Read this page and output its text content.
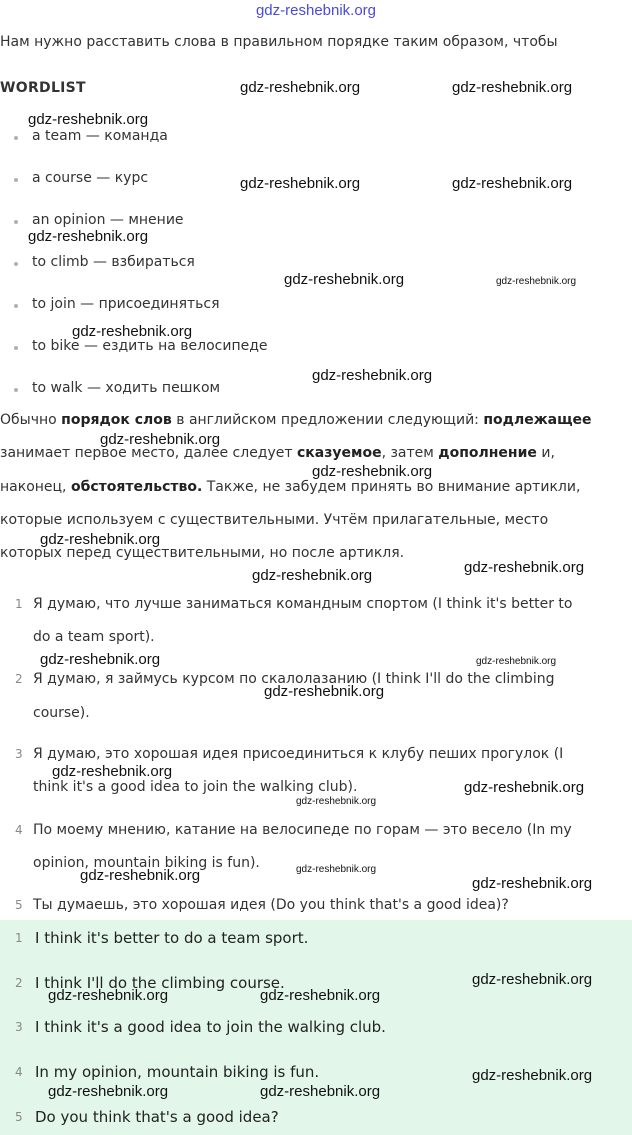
gdz-reshebnik.org
Нам нужно расставить слова в правильном порядке таким образом, чтобы
WORDLIST
a team — команда
a course — курс
an opinion — мнение
to climb — взбираться
to join — присоединяться
to bike — ездить на велосипеде
to walk — ходить пешком
Обычно порядок слов в английском предложении следующий: подлежащее
занимает первое место, далее следует сказуемое, затем дополнение и,
наконец, обстоятельство. Также, не забудем принять во внимание артикли,
которые используем с существительными. Учтём прилагательные, место
которых перед существительными, но после артикля.
1 Я думаю, что лучше заниматься командным спортом (I think it's better to
do a team sport).
2 Я думаю, я займусь курсом по скалолазанию (I think I'll do the climbing
course).
3 Я думаю, это хорошая идея присоединиться к клубу пеших прогулок (I
think it's a good idea to join the walking club).
4 По моему мнению, катание на велосипеде по горам — это весело (In my
opinion, mountain biking is fun).
5 Ты думаешь, это хорошая идея (Do you think that's a good idea)?
1 I think it's better to do a team sport.
2 I think I'll do the climbing course.
3 I think it's a good idea to join the walking club.
4 In my opinion, mountain biking is fun.
5 Do you think that's a good idea?
gdz-reshebnik.org	gdz-reshebnik.org
gdz-reshebnik.org
gdz-reshebnik.org	gdz-reshebnik.org
gdz-reshebnik.org
gdz-reshebnik.org	gdz-reshebnik.org
gdz-reshebnik.org
gdz-reshebnik.org
gdz-reshebnik.org
gdz-reshebnik.org
gdz-reshebnik.org
gdz-reshebnik.org	gdz-reshebnik.org
gdz-reshebnik.org	gdz-reshebnik.org
gdz-reshebnik.org
gdz-reshebnik.org
gdz-reshebnik.org
gdz-reshebnik.org
gdz-reshebnik.org
gdz-reshebnik.org	gdz-reshebnik.org
gdz-reshebnik.org
gdz-reshebnik.org	gdz-reshebnik.org
gdz-reshebnik.org
gdz-reshebnik.org	gdz-reshebnik.org
